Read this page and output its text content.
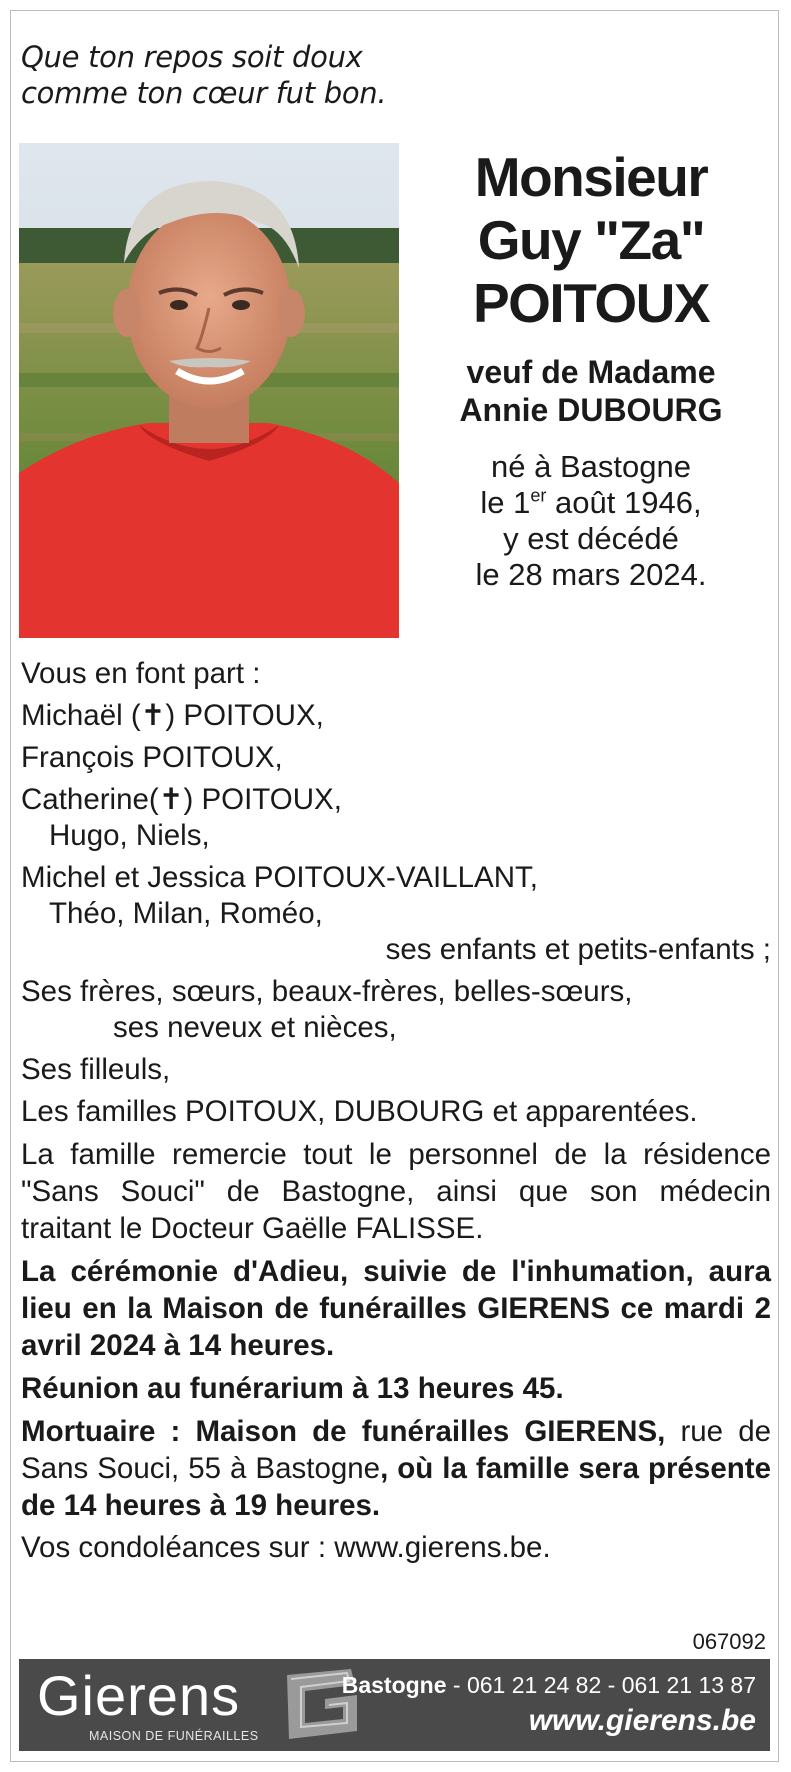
Que ton repos soit doux
comme ton cœur fut bon.
Monsieur
Guy "Za"
POITOUX
veuf de Madame
Annie DUBOURG
né à Bastogne
le 1er août 1946,
y est décédé
le 28 mars 2024.
Vous en font part :
Michaël (✝) POITOUX,
François POITOUX,
Catherine(✝) POITOUX,
Hugo, Niels,
Michel et Jessica POITOUX-VAILLANT,
Théo, Milan, Roméo,
ses enfants et petits-enfants ;
Ses frères, sœurs, beaux-frères, belles-sœurs,
ses neveux et nièces,
Ses filleuls,
Les familles POITOUX, DUBOURG et apparentées.
La famille remercie tout le personnel de la résidence "Sans Souci" de Bastogne, ainsi que son médecin traitant le Docteur Gaëlle FALISSE.
La cérémonie d'Adieu, suivie de l'inhumation, aura lieu en la Maison de funérailles GIERENS ce mardi 2 avril 2024 à 14 heures.
Réunion au funérarium à 13 heures 45.
Mortuaire : Maison de funérailles GIERENS, rue de Sans Souci, 55 à Bastogne, où la famille sera présente de 14 heures à 19 heures.
Vos condoléances sur : www.gierens.be.
067092
Gierens
MAISON DE FUNÉRAILLES
Bastogne - 061 21 24 82 - 061 21 13 87
www.gierens.be
